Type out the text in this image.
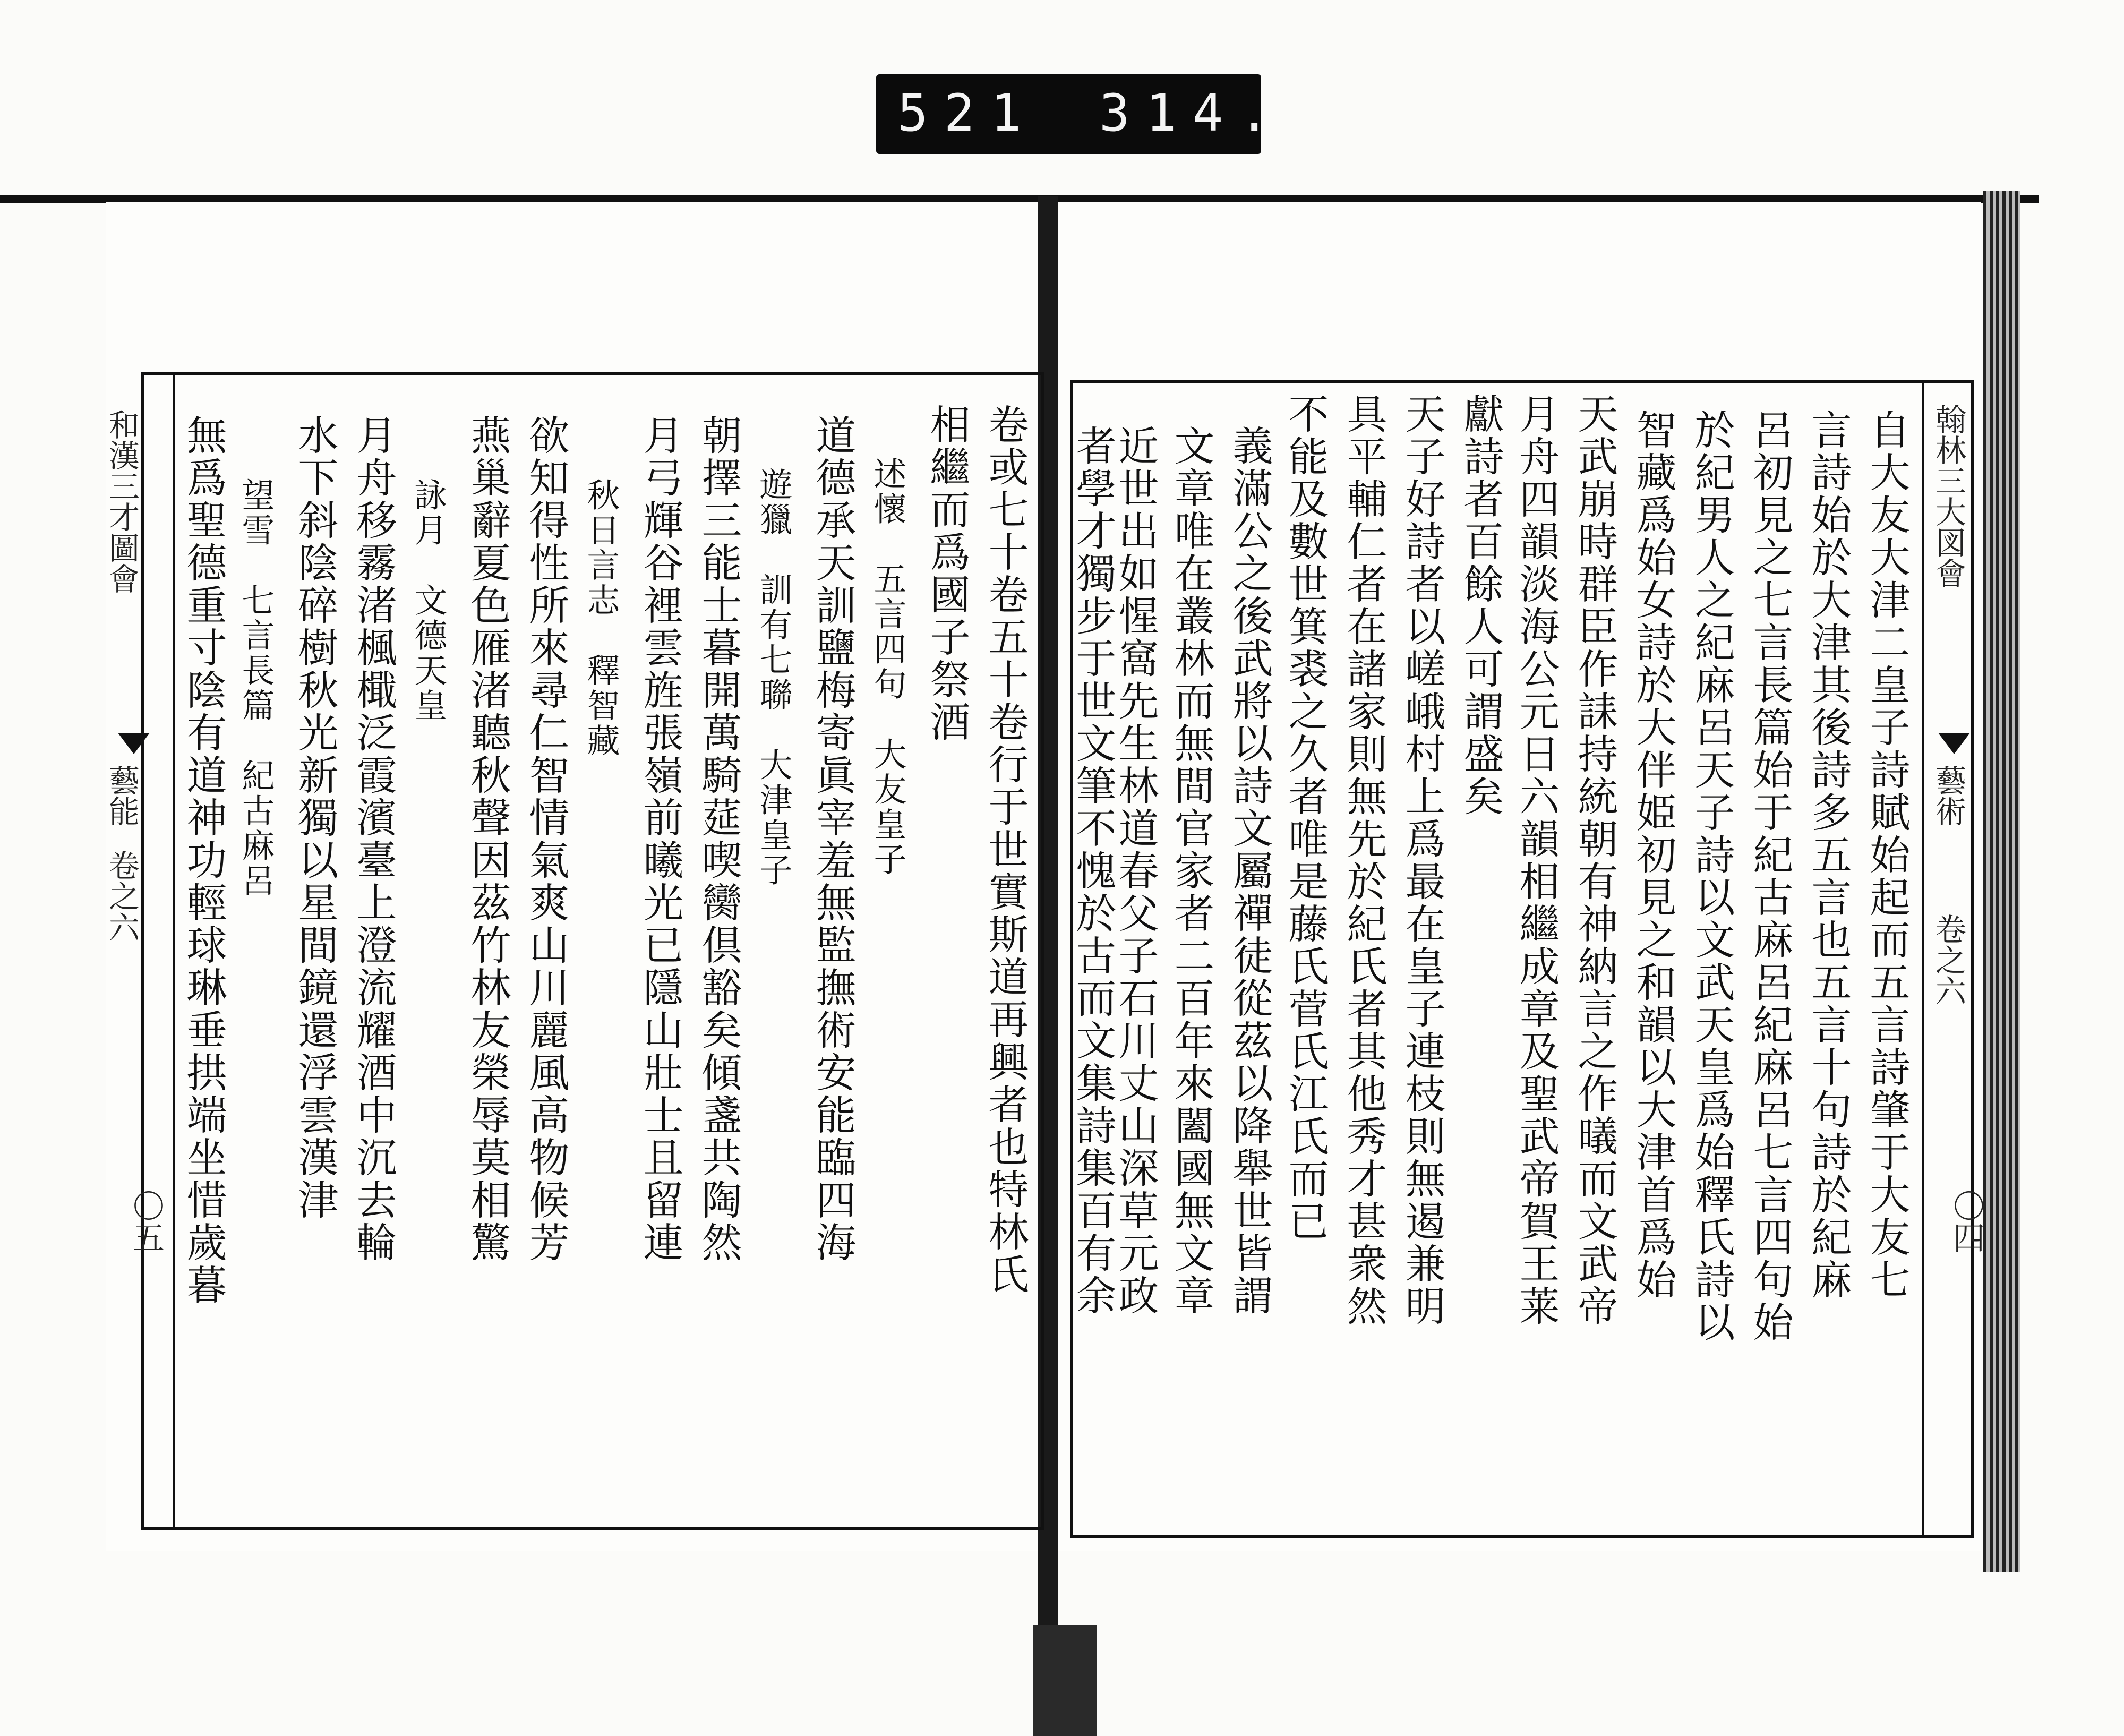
521 314.
和漢三才圖會
藝能
卷之六
〇五	卷或七十卷五十卷行于世實斯道再興者也特林氏
相繼而爲國子祭酒
述懷　五言四句　大友皇子
道德承天訓鹽梅寄眞宰羞無監撫術安能臨四海
遊獵　訓有七聯　大津皇子
朝擇三能士暮開萬騎莚喫臠倶豁矣傾盞共陶然
月弓輝谷裡雲旌張嶺前曦光已隱山壯士且留連
秋日言志　釋智藏
欲知得性所來尋仁智情氣爽山川麗風高物候芳
燕巢辭夏色雁渚聽秋聲因茲竹林友榮辱莫相驚
詠月　文德天皇
月舟移霧渚楓檝泛霞濱臺上澄流耀酒中沉去輪
水下斜陰碎樹秋光新獨以星間鏡還浮雲漢津
望雪　七言長篇　紀古麻呂
無爲聖德重寸陰有道神功輕球琳垂拱端坐惜歲暮	翰林三大図會
藝術
卷之六
〇四
自大友大津二皇子詩賦始起而五言詩肇于大友七
言詩始於大津其後詩多五言也五言十句詩於紀麻
呂初見之七言長篇始于紀古麻呂紀麻呂七言四句始
於紀男人之紀麻呂天子詩以文武天皇爲始釋氏詩以
智藏爲始女詩於大伴姫初見之和韻以大津首爲始
天武崩時群臣作誄持統朝有神納言之作㬢而文武帝
月舟四韻淡海公元日六韻相繼成章及聖武帝賀王莱
獻詩者百餘人可謂盛矣
天子好詩者以嵯峨村上爲最在皇子連枝則無遏兼明
具平輔仁者在諸家則無先於紀氏者其他秀才甚衆然
不能及數世箕裘之久者唯是藤氏菅氏江氏而已
義滿公之後武將以詩文屬禪徒從茲以降舉世皆謂
文章唯在叢林而無間官家者二百年來闔國無文章
近世出如惺窩先生林道春父子石川丈山深草元政
者學才獨步于世文筆不愧於古而文集詩集百有余
